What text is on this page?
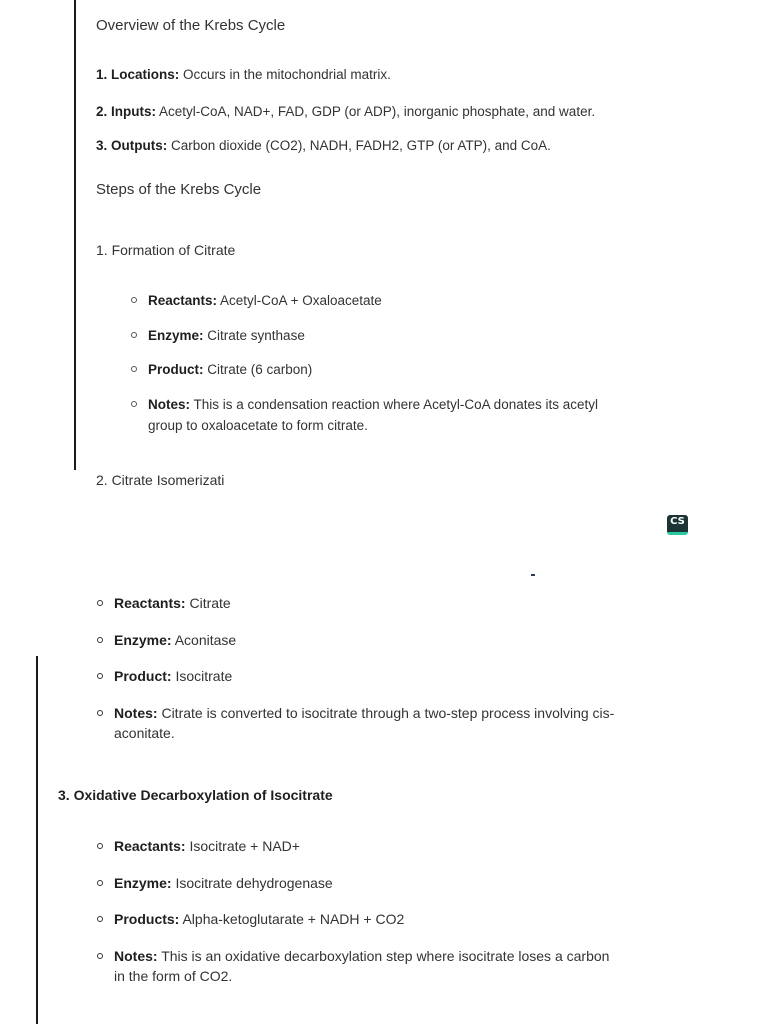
Overview of the Krebs Cycle
1. Locations: Occurs in the mitochondrial matrix.
2. Inputs: Acetyl-CoA, NAD+, FAD, GDP (or ADP), inorganic phosphate, and water.
3. Outputs: Carbon dioxide (CO2), NADH, FADH2, GTP (or ATP), and CoA.
Steps of the Krebs Cycle
1. Formation of Citrate
Reactants: Acetyl-CoA + Oxaloacetate
Enzyme: Citrate synthase
Product: Citrate (6 carbon)
Notes: This is a condensation reaction where Acetyl-CoA donates its acetyl
group to oxaloacetate to form citrate.
2. Citrate Isomerizati
CS
Reactants: Citrate
Enzyme: Aconitase
Product: Isocitrate
Notes: Citrate is converted to isocitrate through a two-step process involving cis-
aconitate.
3. Oxidative Decarboxylation of Isocitrate
Reactants: Isocitrate + NAD+
Enzyme: Isocitrate dehydrogenase
Products: Alpha-ketoglutarate + NADH + CO2
Notes: This is an oxidative decarboxylation step where isocitrate loses a carbon
in the form of CO2.
